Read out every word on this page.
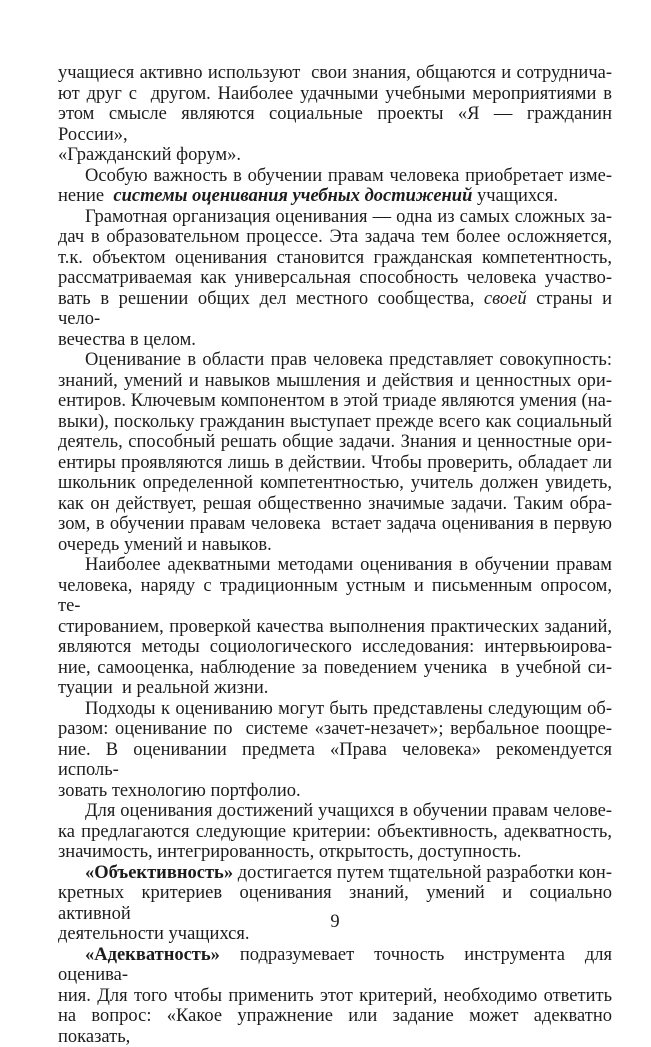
учащиеся активно используют  свои знания, общаются и сотруднича-
ют друг с  другом. Наиболее удачными учебными мероприятиями в
этом смысле являются социальные проекты «Я — гражданин России»,
«Гражданский форум».
Особую важность в обучении правам человека приобретает изме-
нение  системы оценивания учебных достижений учащихся.
Грамотная организация оценивания — одна из самых сложных за-
дач в образовательном процессе. Эта задача тем более осложняется,
т.к. объектом оценивания становится гражданская компетентность,
рассматриваемая как универсальная способность человека участво-
вать в решении общих дел местного сообщества, своей страны и чело-
вечества в целом.
Оценивание в области прав человека представляет совокупность:
знаний, умений и навыков мышления и действия и ценностных ори-
ентиров. Ключевым компонентом в этой триаде являются умения (на-
выки), поскольку гражданин выступает прежде всего как социальный
деятель, способный решать общие задачи. Знания и ценностные ори-
ентиры проявляются лишь в действии. Чтобы проверить, обладает ли
школьник определенной компетентностью, учитель должен увидеть,
как он действует, решая общественно значимые задачи. Таким обра-
зом, в обучении правам человека  встает задача оценивания в первую
очередь умений и навыков.
Наиболее адекватными методами оценивания в обучении правам
человека, наряду с традиционным устным и письменным опросом, те-
стированием, проверкой качества выполнения практических заданий,
являются методы социологического исследования: интервьюирова-
ние, самооценка, наблюдение за поведением ученика  в учебной си-
туации  и реальной жизни.
Подходы к оцениванию могут быть представлены следующим об-
разом: оценивание по  системе «зачет-незачет»; вербальное поощре-
ние. В оценивании предмета «Права человека» рекомендуется исполь-
зовать технологию портфолио.
Для оценивания достижений учащихся в обучении правам челове-
ка предлагаются следующие критерии: объективность, адекватность,
значимость, интегрированность, открытость, доступность.
«Объективность» достигается путем тщательной разработки кон-
кретных критериев оценивания знаний, умений и социально активной
деятельности учащихся.
«Адекватность» подразумевает точность инструмента для оценива-
ния. Для того чтобы применить этот критерий, необходимо ответить
на вопрос: «Какое упражнение или задание может адекватно показать,
9
